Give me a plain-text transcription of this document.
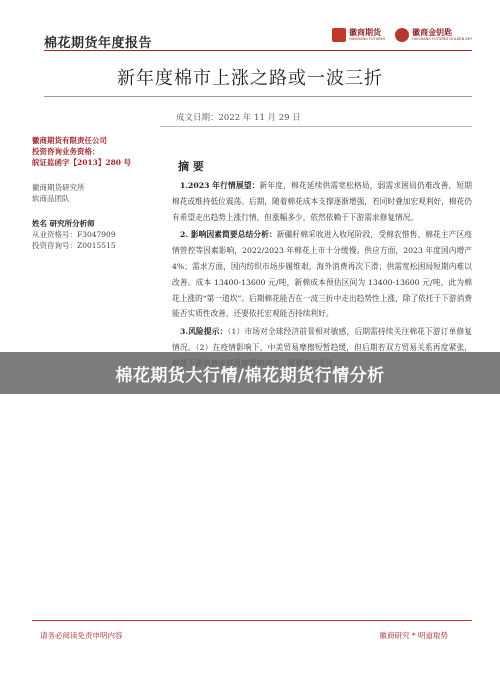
棉花期货年度报告
徽商期货
HUISHANG FUTURES
徽商金钥匙
HUISHANG FUTURES GOLDEN KEY
新年度棉市上涨之路或一波三折
成文日期：2022 年 11 月 29 日
徽商期货有限责任公司
投资咨询业务资格：
皖证监函字【2013】280 号
徽商期货研究所
软商品团队
姓名 研究所分析师
从业资格号：F3047909
投资咨询号：Z0015515
摘 要

1.2023 年行情展望：新年度，棉花延续供需宽松格局，弱需求困局仍难改善，短期棉花或维持低位震荡。后期，随着棉花成本支撑逐渐增强，若同时叠加宏观利好，棉花仍有希望走出趋势上涨行情，但涨幅多少，依然依赖于下游需求修复情况。

2. 影响因素简要总结分析：新疆籽棉采收进入收尾阶段，受棉农惜售、棉花主产区疫情管控等因素影响，2022/2023 年棉花上市十分缓慢。供应方面，2023 年度国内增产 4%；需求方面，国内纺织市场步履维艰，海外消费再次下滑；供需宽松困局短期内难以改善。成本 13400-13600 元/吨，新棉成本预估区间为 13400-13600 元/吨，此为棉花上涨的“第一道坎”。后期棉花能否在一波三折中走出趋势性上涨，除了依托于下游消费能否实质性改善，还要依托宏观能否持续利好。

3.风险提示：（1）市场对全球经济前景相对敏感，后期需持续关注棉花下游订单修复情况。（2）在疫情影响下，中美贸易摩擦短暂趋缓，但后期若双方贸易关系再度紧张，

棉花期货大行情/棉花期货行情分析
请务必阅读免责申明内容	徽商研究 * 明道取势
